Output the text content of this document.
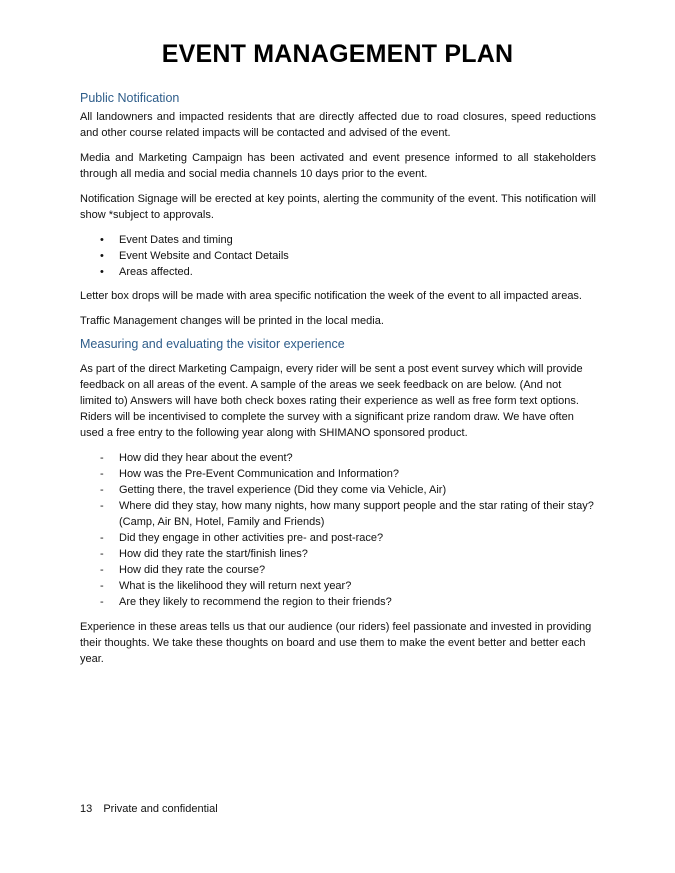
EVENT MANAGEMENT PLAN
Public Notification

All landowners and impacted residents that are directly affected due to road closures, speed reductions and other course related impacts will be contacted and advised of the event.

Media and Marketing Campaign has been activated and event presence informed to all stakeholders through all media and social media channels 10 days prior to the event.

Notification Signage will be erected at key points, alerting the community of the event. This notification will show *subject to approvals.

• Event Dates and timing
• Event Website and Contact Details
• Areas affected.

Letter box drops will be made with area specific notification the week of the event to all impacted areas.

Traffic Management changes will be printed in the local media.

Measuring and evaluating the visitor experience

As part of the direct Marketing Campaign, every rider will be sent a post event survey which will provide feedback on all areas of the event. A sample of the areas we seek feedback on are below. (And not limited to) Answers will have both check boxes rating their experience as well as free form text options. Riders will be incentivised to complete the survey with a significant prize random draw. We have often used a free entry to the following year along with SHIMANO sponsored product.

- How did they hear about the event?
- How was the Pre-Event Communication and Information?
- Getting there, the travel experience (Did they come via Vehicle, Air)
- Where did they stay, how many nights, how many support people and the star rating of their stay? (Camp, Air BN, Hotel, Family and Friends)
- Did they engage in other activities pre- and post-race?
- How did they rate the start/finish lines?
- How did they rate the course?
- What is the likelihood they will return next year?
- Are they likely to recommend the region to their friends?

Experience in these areas tells us that our audience (our riders) feel passionate and invested in providing their thoughts. We take these thoughts on board and use them to make the event better and better each year.

13 Private and confidential
